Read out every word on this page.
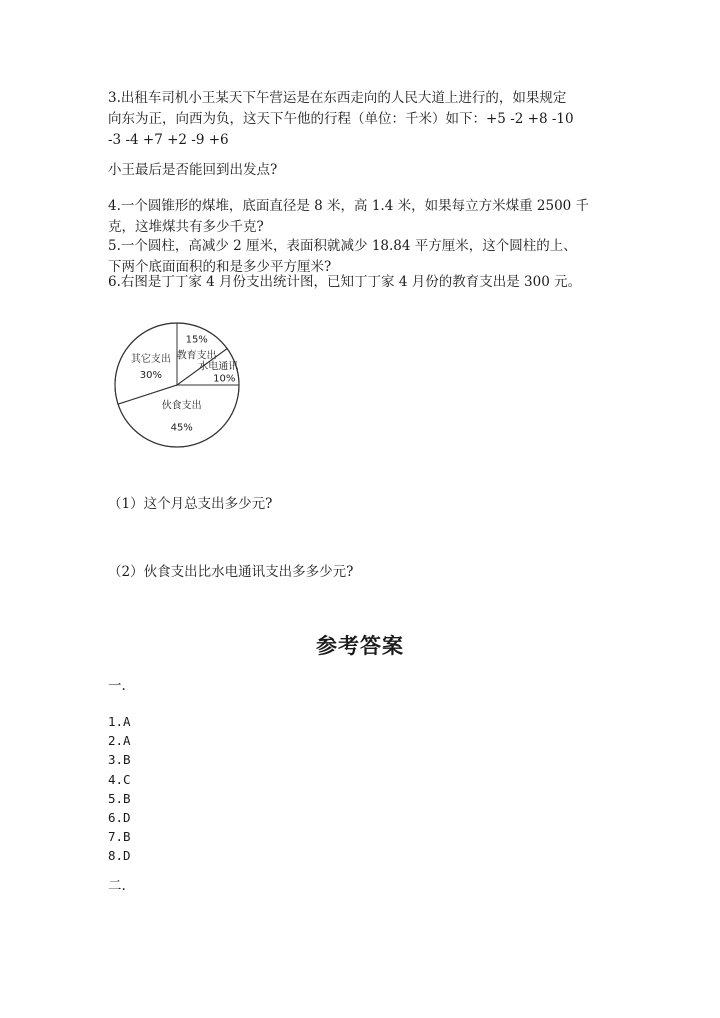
3.出租车司机小王某天下午营运是在东西走向的人民大道上进行的，如果规定
向东为正，向西为负，这天下午他的行程（单位：千米）如下：+5 -2 +8 -10
-3 -4 +7 +2 -9 +6
小王最后是否能回到出发点?
4.一个圆锥形的煤堆，底面直径是 8 米，高 1.4 米，如果每立方米煤重 2500 千
克，这堆煤共有多少千克?
5.一个圆柱，高减少 2 厘米，表面积就减少 18.84 平方厘米，这个圆柱的上、
下两个底面面积的和是多少平方厘米?
6.右图是丁丁家 4 月份支出统计图，已知丁丁家 4 月份的教育支出是 300 元。
其它支出
30%
教育支出
15%
水电通讯
10%
伙食支出
45%
（1）这个月总支出多少元?
（2）伙食支出比水电通讯支出多多少元?
参考答案
一.
1.A
2.A
3.B
4.C
5.B
6.D
7.B
8.D
二.
